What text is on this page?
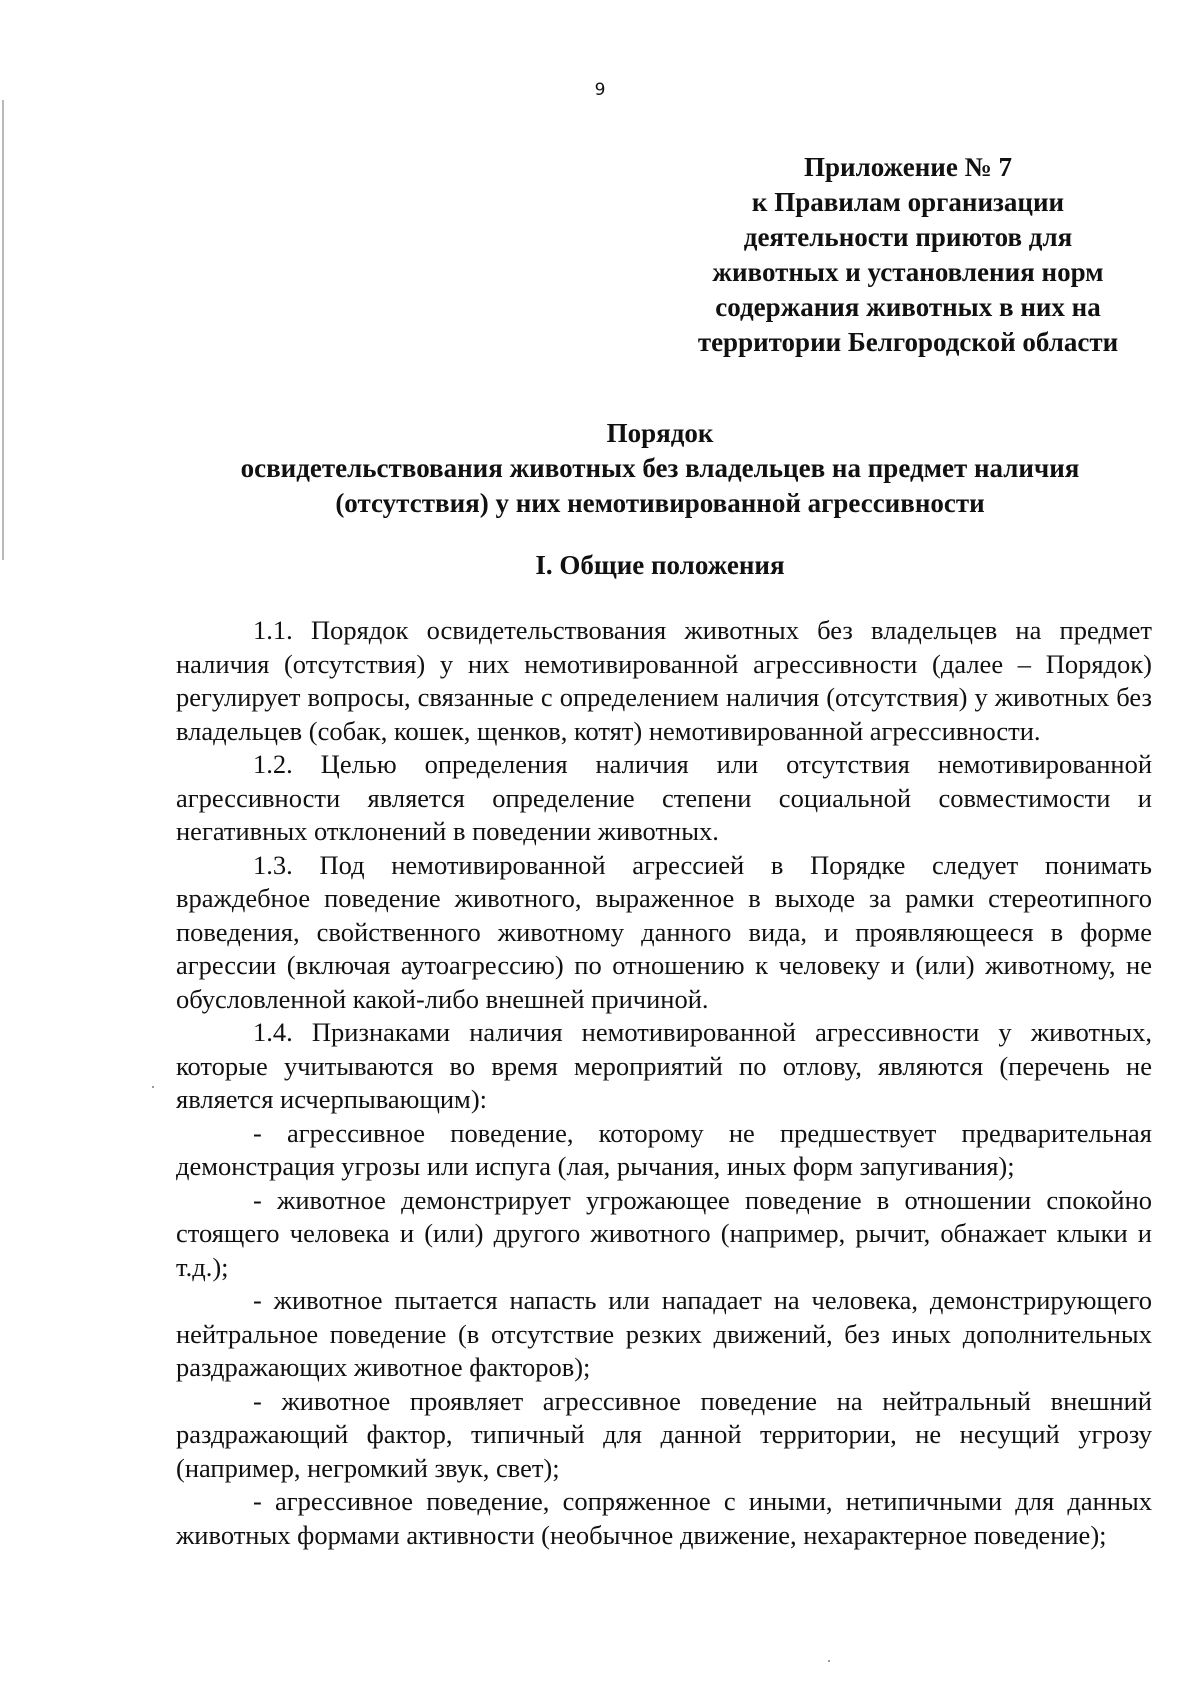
9
Приложение № 7
к Правилам организации
деятельности приютов для
животных и установления норм
содержания животных в них на
территории Белгородской области
Порядок
освидетельствования животных без владельцев на предмет наличия
(отсутствия) у них немотивированной агрессивности
I. Общие положения

1.1. Порядок освидетельствования животных без владельцев на предмет наличия (отсутствия) у них немотивированной агрессивности (далее – Порядок) регулирует вопросы, связанные с определением наличия (отсутствия) у животных без владельцев (собак, кошек, щенков, котят) немотивированной агрессивности.

1.2. Целью определения наличия или отсутствия немотивированной агрессивности является определение степени социальной совместимости и негативных отклонений в поведении животных.

1.3. Под немотивированной агрессией в Порядке следует понимать враждебное поведение животного, выраженное в выходе за рамки стереотипного поведения, свойственного животному данного вида, и проявляющееся в форме агрессии (включая аутоагрессию) по отношению к человеку и (или) животному, не обусловленной какой-либо внешней причиной.

1.4. Признаками наличия немотивированной агрессивности у животных, которые учитываются во время мероприятий по отлову, являются (перечень не является исчерпывающим):

- агрессивное поведение, которому не предшествует предварительная демонстрация угрозы или испуга (лая, рычания, иных форм запугивания);

- животное демонстрирует угрожающее поведение в отношении спокойно стоящего человека и (или) другого животного (например, рычит, обнажает клыки и т.д.);

- животное пытается напасть или нападает на человека, демонстрирующего нейтральное поведение (в отсутствие резких движений, без иных дополнительных раздражающих животное факторов);

- животное проявляет агрессивное поведение на нейтральный внешний раздражающий фактор, типичный для данной территории, не несущий угрозу (например, негромкий звук, свет);

- агрессивное поведение, сопряженное с иными, нетипичными для данных животных формами активности (необычное движение, нехарактерное поведение);
